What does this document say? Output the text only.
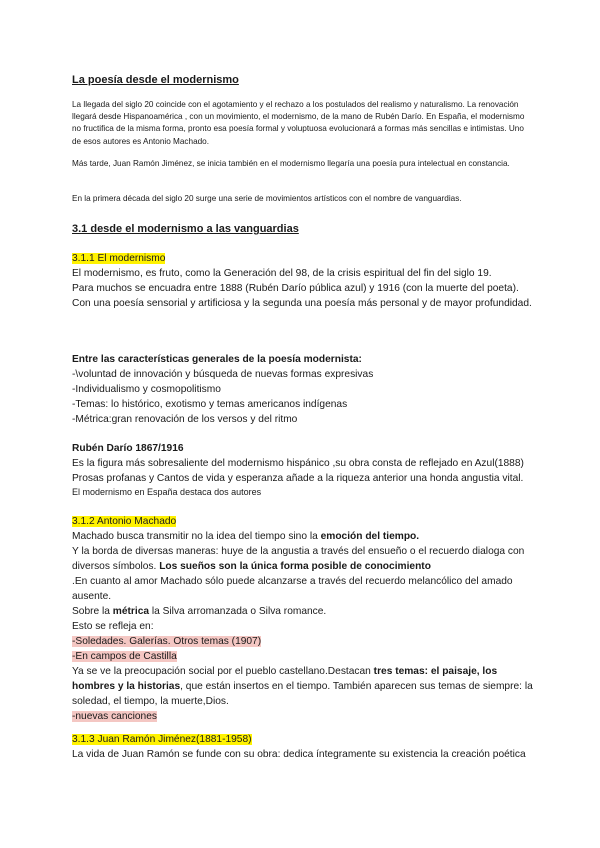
La poesía desde el modernismo

La llegada del siglo 20 coincide con el agotamiento y el rechazo a los postulados del realismo y naturalismo. La renovación llegará desde Hispanoamérica , con un movimiento, el modernismo, de la mano de Rubén Darío. En España, el modernismo no fructifica de la misma forma, pronto esa poesía formal y voluptuosa evolucionará a formas más sencillas e intimistas. Uno de esos autores es Antonio Machado.

Más tarde, Juan Ramón Jiménez, se inicia también en el modernismo llegaría una poesía pura intelectual en constancia.

En la primera década del siglo 20 surge una serie de movimientos artísticos con el nombre de vanguardias.

3.1 desde el modernismo a las vanguardias
3.1.1 El modernismo

El modernismo, es fruto, como la Generación del 98, de la crisis espiritual del fin del siglo 19.

Para muchos se encuadra entre 1888 (Rubén Darío pública azul) y 1916 (con la muerte del poeta). Con una poesía sensorial y artificiosa y la segunda una poesía más personal y de mayor profundidad.

Entre las características generales de la poesía modernista:

-\voluntad de innovación y búsqueda de nuevas formas expresivas

-Individualismo y cosmopolitismo

-Temas: lo histórico, exotismo y temas americanos indígenas

-Métrica:gran renovación de los versos y del ritmo

Rubén Darío 1867/1916

Es la figura más sobresaliente del modernismo hispánico ,su obra consta de reflejado en Azul(1888) Prosas profanas y Cantos de vida y esperanza añade a la riqueza anterior una honda angustia vital.

El modernismo en España destaca dos autores

3.1.2 Antonio Machado

Machado busca transmitir no la idea del tiempo sino la emoción del tiempo.

Y la borda de diversas maneras: huye de la angustia a través del ensueño o el recuerdo dialoga con diversos símbolos. Los sueños son la única forma posible de conocimiento

.En cuanto al amor Machado sólo puede alcanzarse a través del recuerdo melancólico del amado ausente.

Sobre la métrica la Silva arromanzada o Silva romance.

Esto se refleja en:

-Soledades. Galerías. Otros temas (1907)
-En campos de Castilla

Ya se ve la preocupación social por el pueblo castellano.Destacan tres temas: el paisaje, los hombres y la historias, que están insertos en el tiempo. También aparecen sus temas de siempre: la soledad, el tiempo, la muerte,Dios.

-nuevas canciones
3.1.3 Juan Ramón Jiménez(1881-1958)

La vida de Juan Ramón se funde con su obra: dedica íntegramente su existencia la creación poética
